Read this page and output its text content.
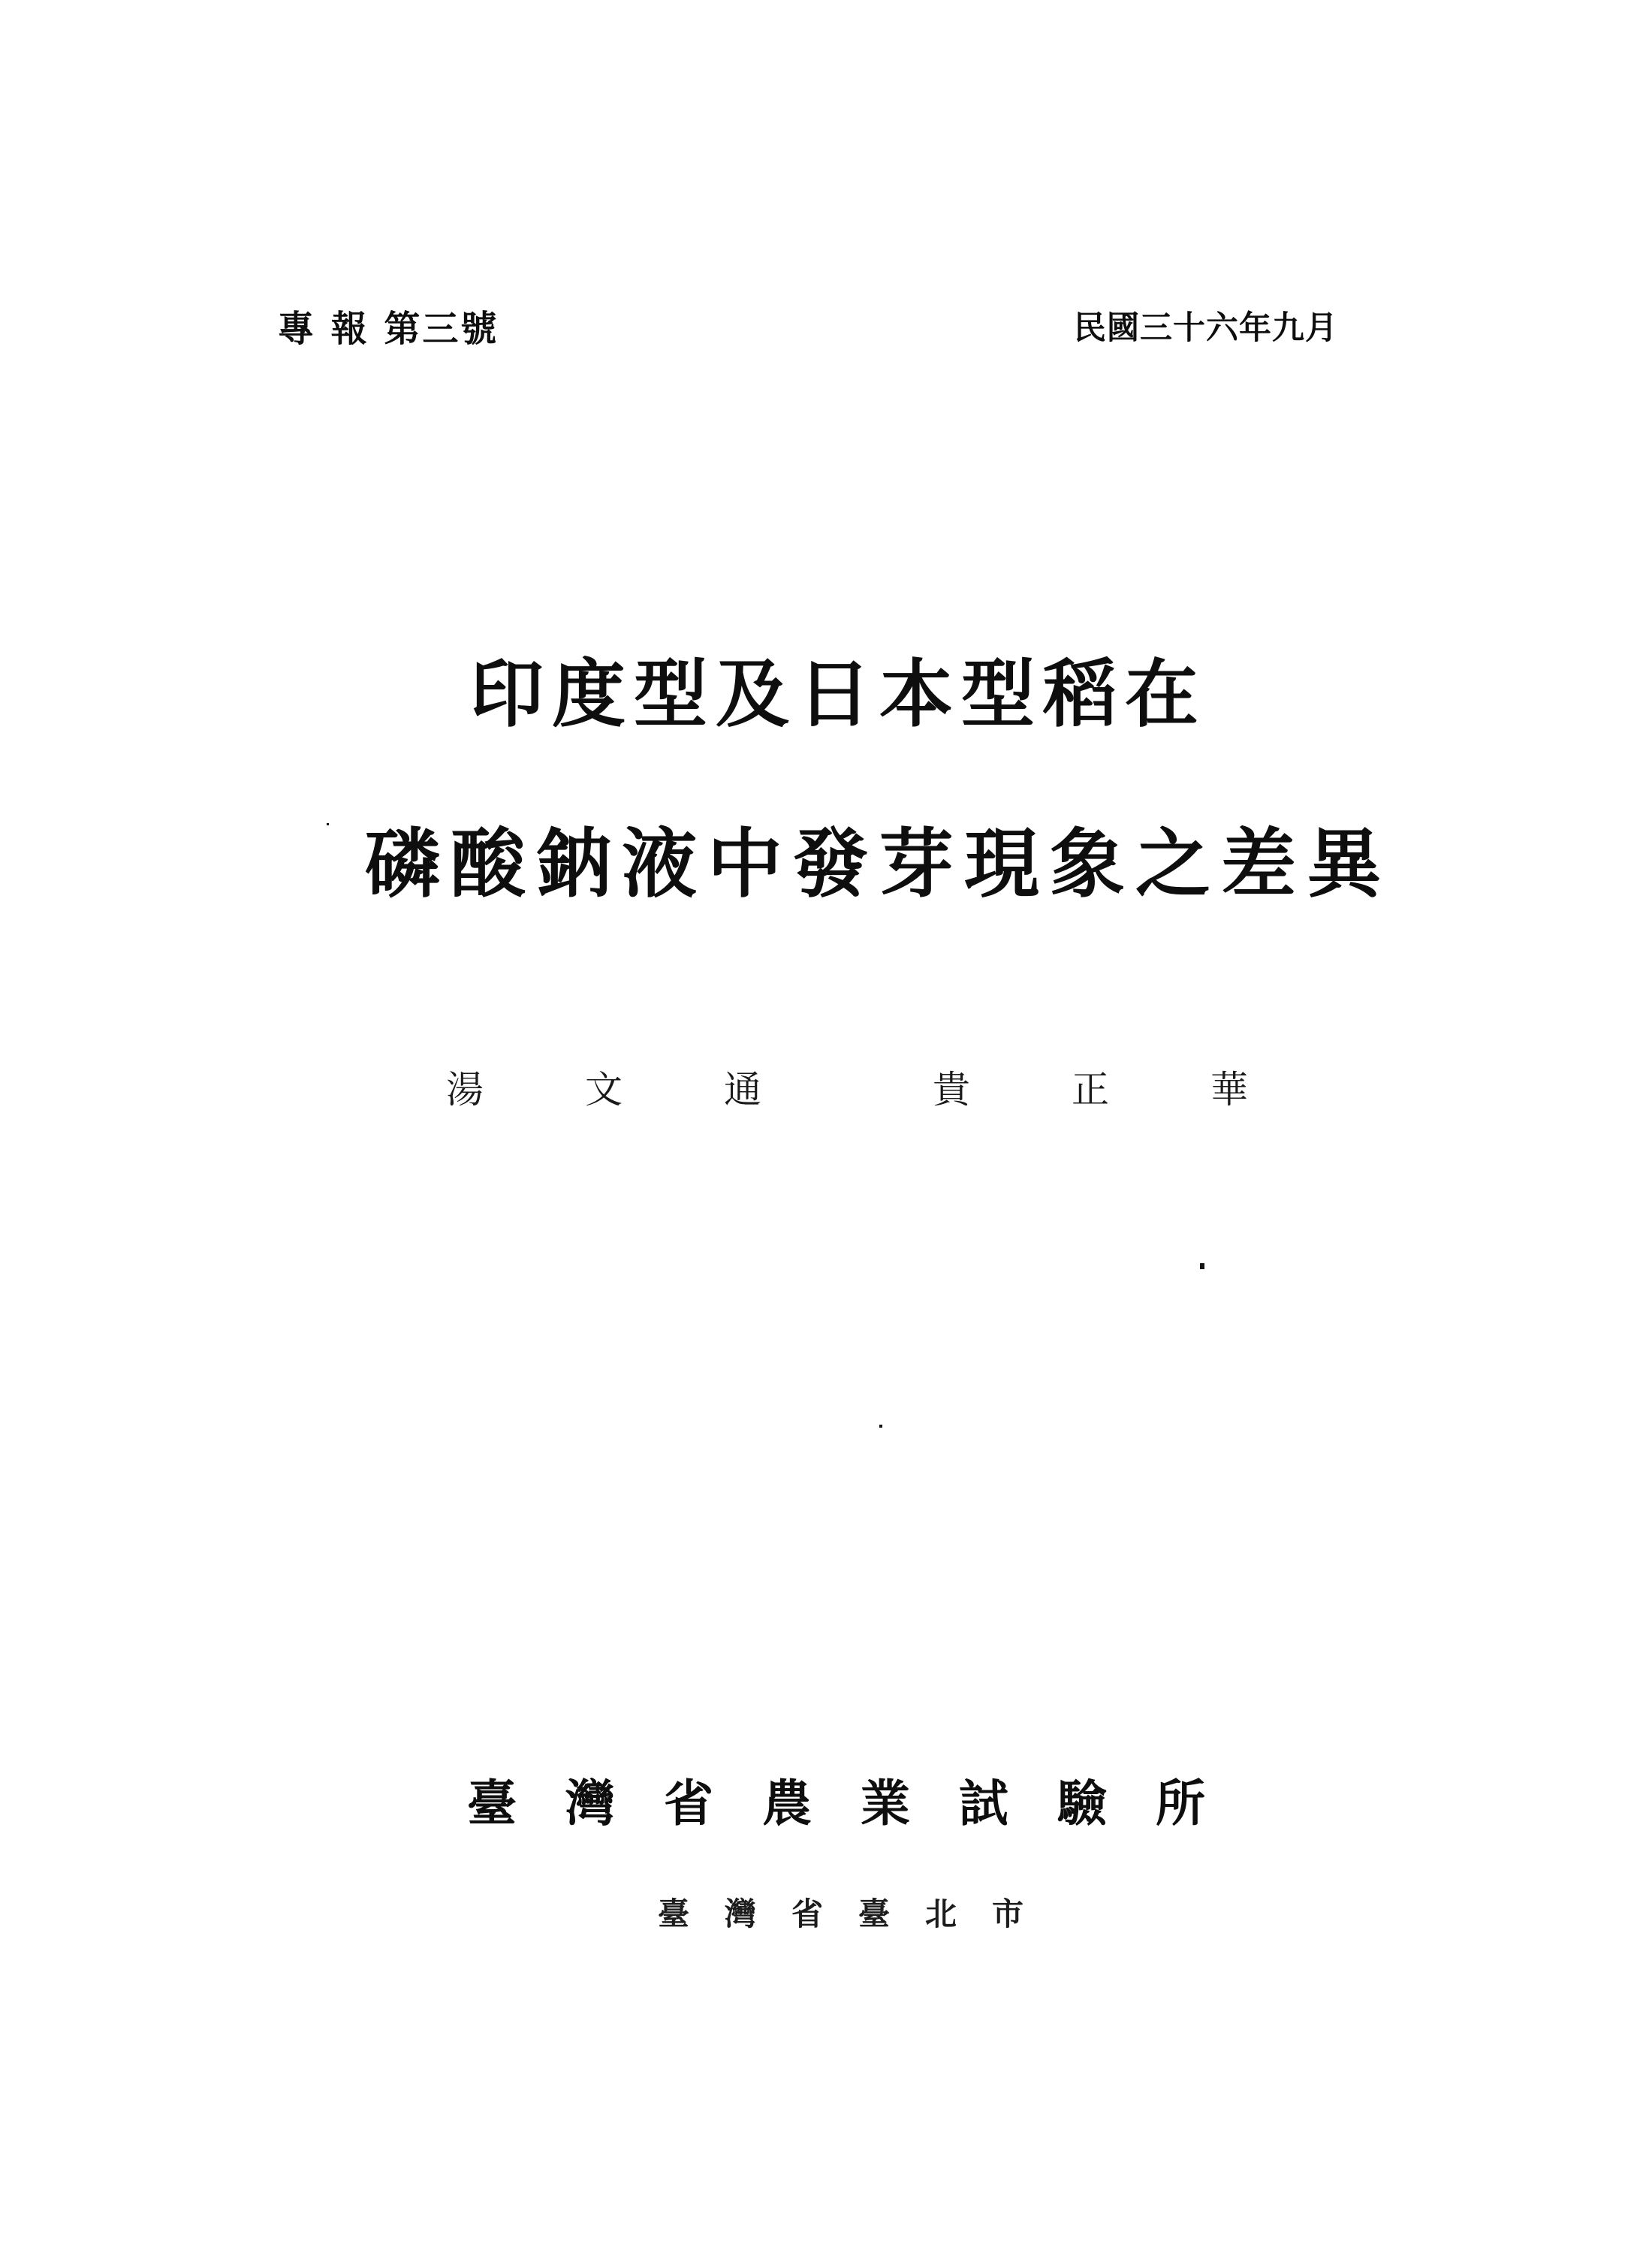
專 報 第三號	民國三十六年九月
印度型及日本型稻在
磷酸鈉液中發芽現象之差異
湯文通 貴正華
臺灣省農業試驗所
臺灣省臺北市
